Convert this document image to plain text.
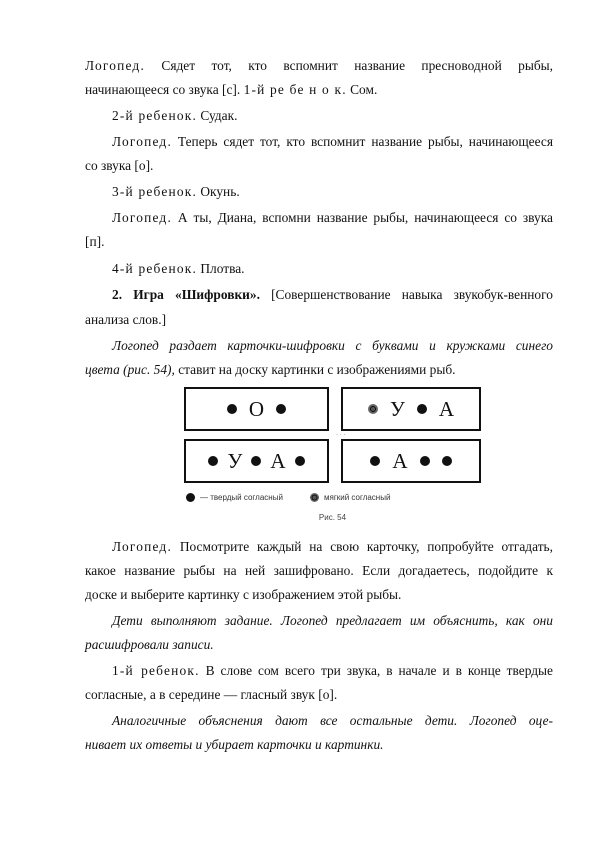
Логопед. Сядет тот, кто вспомнит название пресноводной рыбы,
начинающееся со звука [с]. 1-й ре бе н о к. Сом.
2-й ребенок. Судак.
Логопед. Теперь сядет тот, кто вспомнит название рыбы, начинающееся
со звука [о].
3-й ребенок. Окунь.
Логопед. А ты, Диана, вспомни название рыбы, начинающееся со звука
[п].
4-й ребенок. Плотва.
2. Игра «Шифровки». [Совершенствование навыка звукобук-венного
анализа слов.]
Логопед раздает карточки-шифровки с буквами и кружками синего
цвета (рис. 54), ставит на доску картинки с изображениями рыб.
О	У А
· · ·
У А	А
— твердый согласный	мягкий согласный
Рис. 54
Логопед. Посмотрите каждый на свою карточку, попробуйте отгадать,
какое название рыбы на ней зашифровано. Если догадаетесь, подойдите к
доске и выберите картинку с изображением этой рыбы.
Дети выполняют задание. Логопед предлагает им объяснить, как они
расшифровали записи.
1-й ребенок. В слове сом всего три звука, в начале и в конце твердые
согласные, а в середине — гласный звук [о].
Аналогичные объяснения дают все остальные дети. Логопед оце-
нивает их ответы и убирает карточки и картинки.
